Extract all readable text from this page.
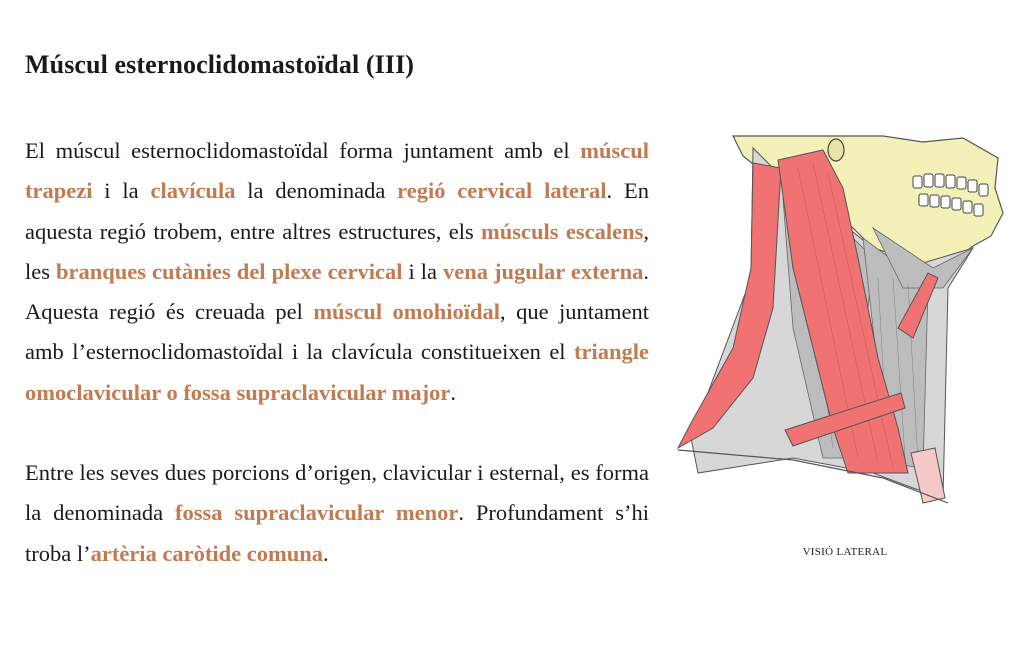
Múscul esternoclidomastoïdal (III)

El múscul esternoclidomastoïdal forma juntament amb el múscul trapezi i la clavícula la denominada regió cervical lateral. En aquesta regió trobem, entre altres estructures, els músculs escalens, les branques cutànies del plexe cervical i la vena jugular externa. Aquesta regió és creuada pel múscul omohioïdal, que juntament amb l’esternoclidomastoïdal i la clavícula constitueixen el triangle omoclavicular o fossa supraclavicular major.

Entre les seves dues porcions d’origen, clavicular i esternal, es forma la denominada fossa supraclavicular menor. Profundament s’hi troba l’artèria caròtide comuna.	VISIÓ LATERAL
